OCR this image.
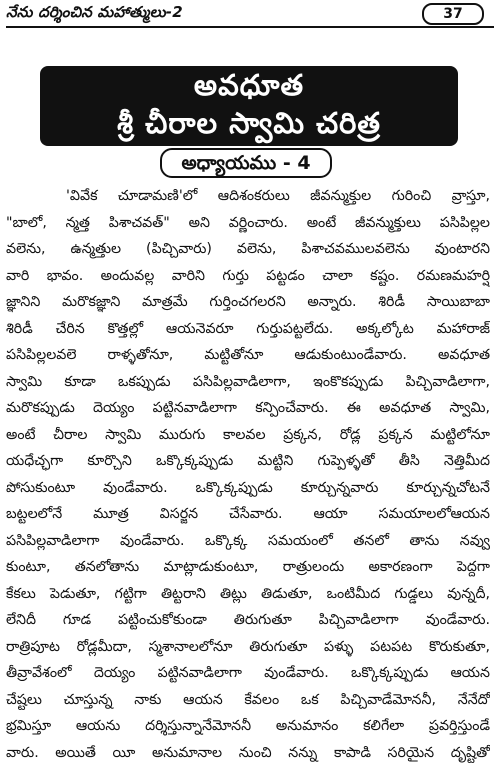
నేను దర్శించిన మహాత్ములు-2	37
అవధూత
శ్రీ చీరాల స్వామి చరిత్ర
అధ్యాయము - 4
'వివేక చూడామణి'లో ఆదిశంకరులు జీవన్ముక్తుల గురించి వ్రాస్తూ,
"బాలో, న్మత్త పిశాచవత్" అని వర్ణించారు. అంటే జీవన్ముక్తులు పసిపిల్లల
వలెను, ఉన్మత్తుల (పిచ్చివారు) వలెను, పిశాచవములవలెను వుంటారని
వారి భావం. అందువల్ల వారిని గుర్తు పట్టడం చాలా కష్టం. రమణమహర్షి
జ్ఞానిని మరొకజ్ఞాని మాత్రమే గుర్తించగలరని అన్నారు. శిరిడీ సాయిబాబా
శిరిడీ చేరిన కొత్తల్లో ఆయనెవరూ గుర్తుపట్టలేదు. అక్కల్కోట మహారాజ్
పసిపిల్లలవలె రాళ్ళతోనూ, మట్టితోనూ ఆడుకుంటుండేవారు. అవధూత
స్వామి కూడా ఒకప్పుడు పసిపిల్లవాడిలాగా, ఇంకొకప్పుడు పిచ్చివాడిలాగా,
మరొకప్పుడు దెయ్యం పట్టినవాడిలాగా కన్పించేవారు. ఈ అవధూత స్వామి,
అంటే చీరాల స్వామి మురుగు కాలవల ప్రక్కన, రోడ్ల ప్రక్కన మట్టిలోనూ
యధేచ్ఛగా కూర్చొని ఒక్కొక్కప్పుడు మట్టిని గుప్పెళ్ళతో తీసి నెత్తిమీద
పోసుకుంటూ వుండేవారు. ఒక్కొక్కప్పుడు కూర్చున్నవారు కూర్చున్నచోటనే
బట్టలలోనే మూత్ర విసర్జన చేసేవారు. ఆయా సమయాలలోఆయన
పసిపిల్లవాడిలాగా వుండేవారు. ఒక్కొక్క సమయంలో తనలో తాను నవ్వు
కుంటూ, తనలోతాను మాట్లాడుకుంటూ, రాత్రులందు అకారణంగా పెద్దగా
కేకలు పెడుతూ, గట్టిగా తిట్టరాని తిట్లు తిడుతూ, ఒంటిమీద గుడ్డలు వున్నదీ,
లేనిదీ గూడ పట్టించుకోకుండా తిరుగుతూ పిచ్చివాడిలాగా వుండేవారు.
రాత్రిపూట రోడ్లమీదా, స్మశానాలలోనూ తిరుగుతూ పళ్ళు పటపట కొరుకుతూ,
తీవ్రావేశంలో దెయ్యం పట్టినవాడిలాగా వుండేవారు. ఒక్కొక్కప్పుడు ఆయన
చేష్టలు చూస్తున్న నాకు ఆయన కేవలం ఒక పిచ్చివాడేమోననీ, నేనేదో
భ్రమిస్తూ ఆయను దర్శిస్తున్నానేమోననీ అనుమానం కలిగేలా ప్రవర్తిస్తుండే
వారు. అయితే యీ అనుమానాల నుంచి నన్ను కాపాడి సరియైన దృష్టితో
